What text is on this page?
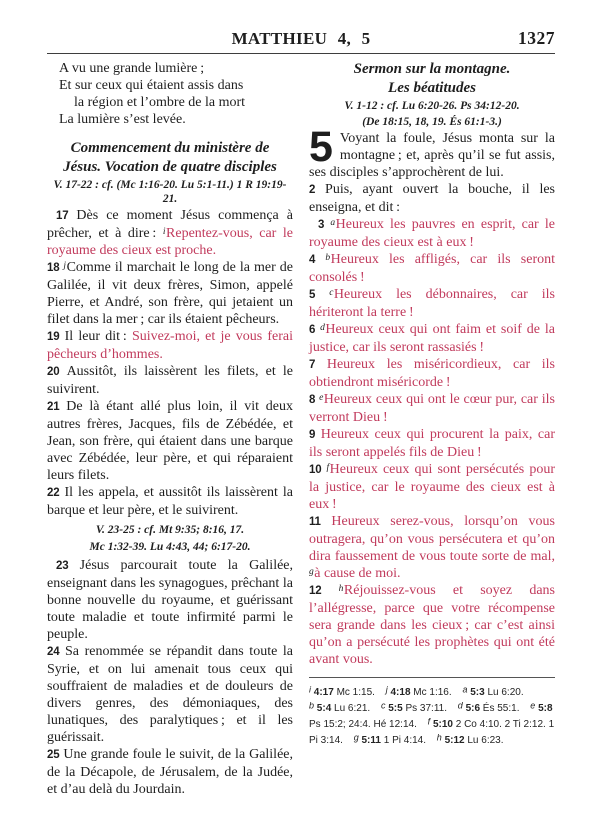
MATTHIEU 4, 5	1327
A vu une grande lumière ;
Et sur ceux qui étaient assis dans
la région et l’ombre de la mort
La lumière s’est levée.
Commencement du ministère de
Jésus. Vocation de quatre disciples
V. 17-22 : cf. (Mc 1:16-20. Lu 5:1-11.) 1 R 19:19-21.

17 Dès ce moment Jésus commença à prêcher, et à dire : $^i$Repentez-vous, car le royaume des cieux est proche.

18 $^j$Comme il marchait le long de la mer de Galilée, il vit deux frères, Simon, appelé Pierre, et André, son frère, qui jetaient un filet dans la mer ; car ils étaient pêcheurs.

19 Il leur dit : Suivez-moi, et je vous ferai pêcheurs d’hommes.

20 Aussitôt, ils laissèrent les filets, et le suivirent.

21 De là étant allé plus loin, il vit deux autres frères, Jacques, fils de Zébédée, et Jean, son frère, qui étaient dans une barque avec Zébédée, leur père, et qui réparaient leurs filets.

22 Il les appela, et aussitôt ils laissèrent la barque et leur père, et le suivirent.

V. 23-25 : cf. Mt 9:35; 8:16, 17.
Mc 1:32-39. Lu 4:43, 44; 6:17-20.

23 Jésus parcourait toute la Galilée, enseignant dans les synagogues, prêchant la bonne nouvelle du royaume, et guérissant toute maladie et toute infirmité parmi le peuple.

24 Sa renommée se répandit dans toute la Syrie, et on lui amenait tous ceux qui souffraient de maladies et de douleurs de divers genres, des démoniaques, des lunatiques, des paralytiques ; et il les guérissait.

25 Une grande foule le suivit, de la Galilée, de la Décapole, de Jérusalem, de la Judée, et d’au delà du Jourdain.

Sermon sur la montagne.
Les béatitudes
V. 1-12 : cf. Lu 6:20-26. Ps 34:12-20.
(De 18:15, 18, 19. És 61:1-3.)

5 Voyant la foule, Jésus monta sur la montagne ; et, après qu’il se fut assis, ses disciples s’approchèrent de lui.

2 Puis, ayant ouvert la bouche, il les enseigna, et dit :

3 $^a$Heureux les pauvres en esprit, car le royaume des cieux est à eux !

4 $^b$Heureux les affligés, car ils seront consolés !

5 $^c$Heureux les débonnaires, car ils hériteront la terre !

6 $^d$Heureux ceux qui ont faim et soif de la justice, car ils seront rassasiés !

7 Heureux les miséricordieux, car ils obtiendront miséricorde !

8 $^e$Heureux ceux qui ont le cœur pur, car ils verront Dieu !

9 Heureux ceux qui procurent la paix, car ils seront appelés fils de Dieu !

10 $^f$Heureux ceux qui sont persécutés pour la justice, car le royaume des cieux est à eux !

11 Heureux serez-vous, lorsqu’on vous outragera, qu’on vous persécutera et qu’on dira faussement de vous toute sorte de mal, $^g$à cause de moi.

12 $^h$Réjouissez-vous et soyez dans l’allégresse, parce que votre récompense sera grande dans les cieux ; car c’est ainsi qu’on a persécuté les prophètes qui ont été avant vous.

i 4:17 Mc 1:15. j 4:18 Mc 1:16. a 5:3 Lu 6:20. b 5:4 Lu 6:21. c 5:5 Ps 37:11. d 5:6 És 55:1. e 5:8 Ps 15:2; 24:4. Hé 12:14. f 5:10 2 Co 4:10. 2 Ti 2:12. 1 Pi 3:14. g 5:11 1 Pi 4:14. h 5:12 Lu 6:23.
